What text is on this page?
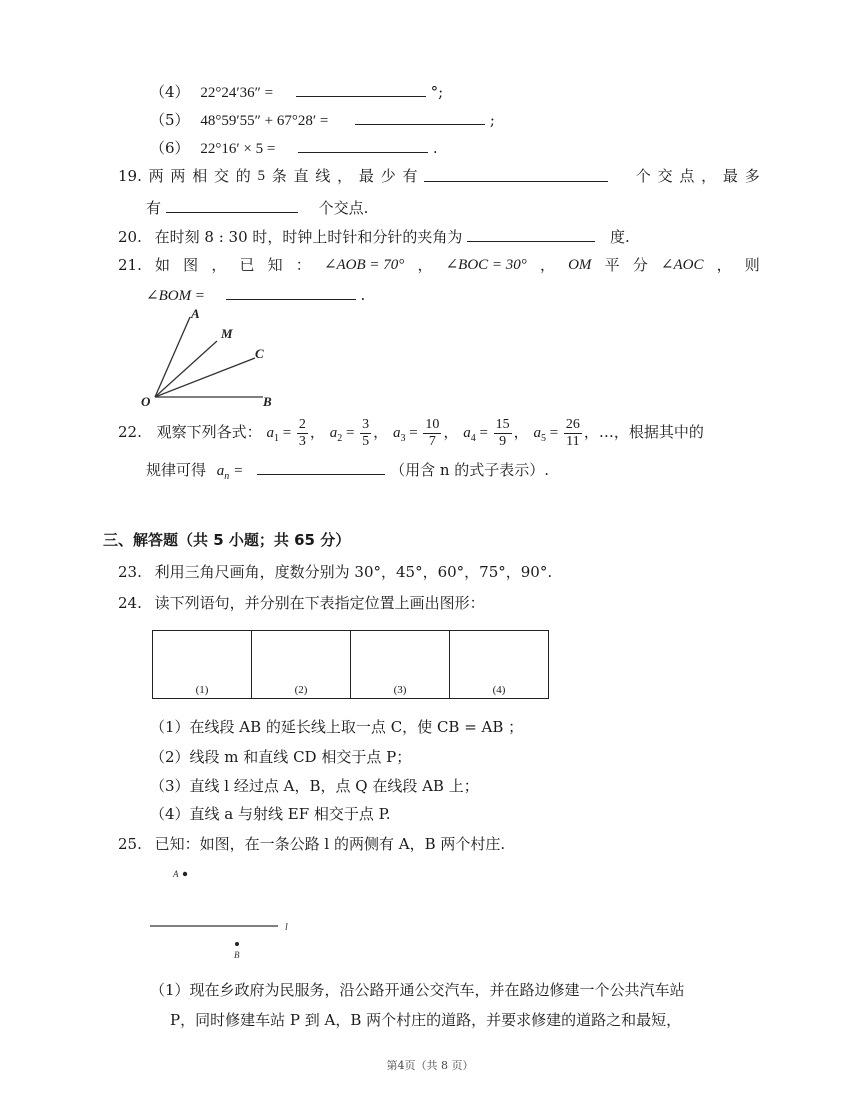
（4） 22°24′36″ =	°;
（5） 48°59′55″ + 67°28′ =	;
（6） 22°16′ × 5 =	.
19. 两 两 相 交 的 5 条 直 线 ， 最 少 有	个 交 点 ， 最 多
有	个交点.
20. 在时刻 8 : 30 时，时钟上时针和分针的夹角为	度.
21. 如 图 ， 已 知 ： ∠AOB = 70° ， ∠BOC = 30° ， OM 平 分 ∠AOC ， 则
∠BOM =	.
A
M
C
O	B
22. 观察下列各式： $a_1 = \frac{2}{3}$ ， $a_2 = \frac{3}{5}$ ， $a_3 = \frac{10}{7}$ ， $a_4 = \frac{15}{9}$ ， $a_5 = \frac{26}{11}$ ，…，根据其中的
规律可得 $a_n$ =	（用含 n 的式子表示）.
三、解答题（共 5 小题；共 65 分）
23. 利用三角尺画角，度数分别为 30°，45°，60°，75°，90°.
24. 读下列语句，并分别在下表指定位置上画出图形：
(1)	(2)	(3)	(4)
（1）在线段 AB 的延长线上取一点 C，使 CB = AB ；
（2）线段 m 和直线 CD 相交于点 P；
（3）直线 l 经过点 A，B，点 Q 在线段 AB 上；
（4）直线 a 与射线 EF 相交于点 P.
25. 已知：如图，在一条公路 l 的两侧有 A，B 两个村庄.
A
l
B
（1）现在乡政府为民服务，沿公路开通公交汽车，并在路边修建一个公共汽车站
P，同时修建车站 P 到 A，B 两个村庄的道路，并要求修建的道路之和最短，
第4页（共 8 页）
